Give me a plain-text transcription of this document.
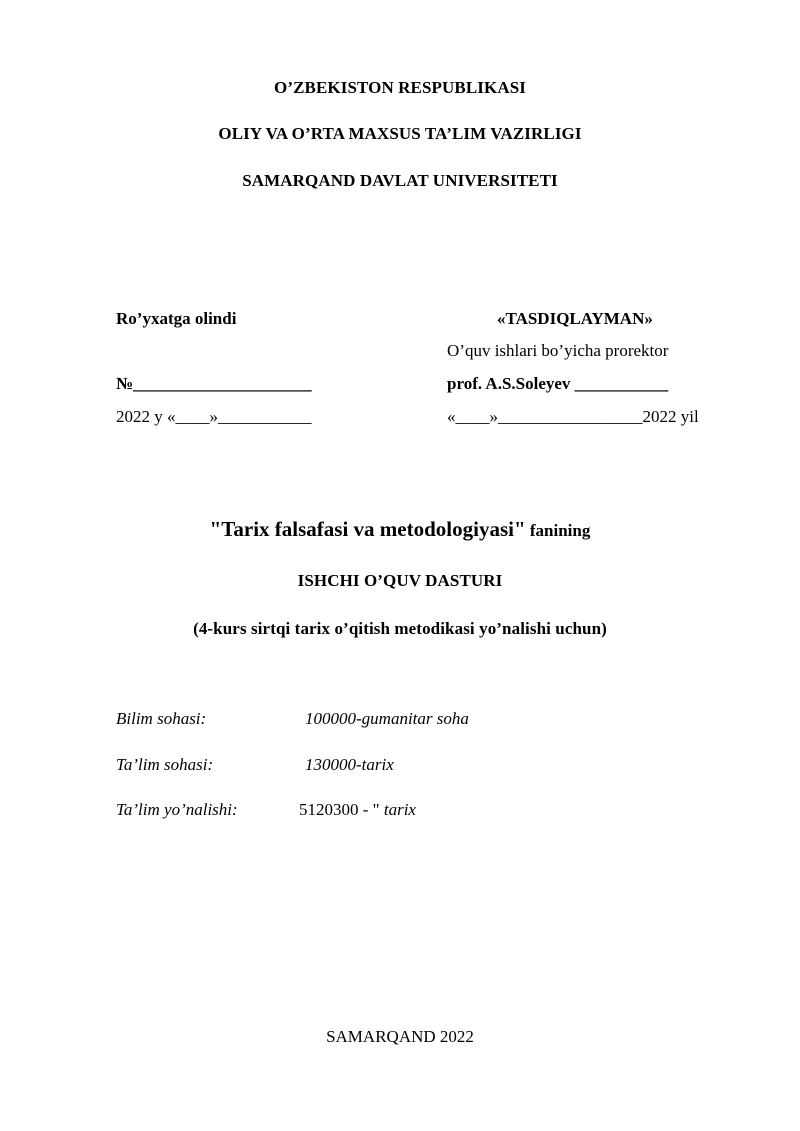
O’ZBEKISTON RESPUBLIKASI
OLIY VA O’RTA MAXSUS TA’LIM VAZIRLIGI
SAMARQAND DAVLAT UNIVERSITETI
Ro’yxatga olindi
№_____________________
2022 y «____»___________
«TASDIQLAYMAN»
O’quv ishlari bo’yicha prorektor
prof. A.S.Soleyev ___________
«____»_________________2022 yil
"Tarix falsafasi va metodologiyasi" fanining
ISHCHI O’QUV DASTURI
(4-kurs sirtqi tarix o’qitish metodikasi yo’nalishi uchun)
Bilim sohasi:	100000-gumanitar soha
Ta’lim sohasi:	130000-tarix
Ta’lim yo’nalishi:	5120300 - " tarix
SAMARQAND 2022
